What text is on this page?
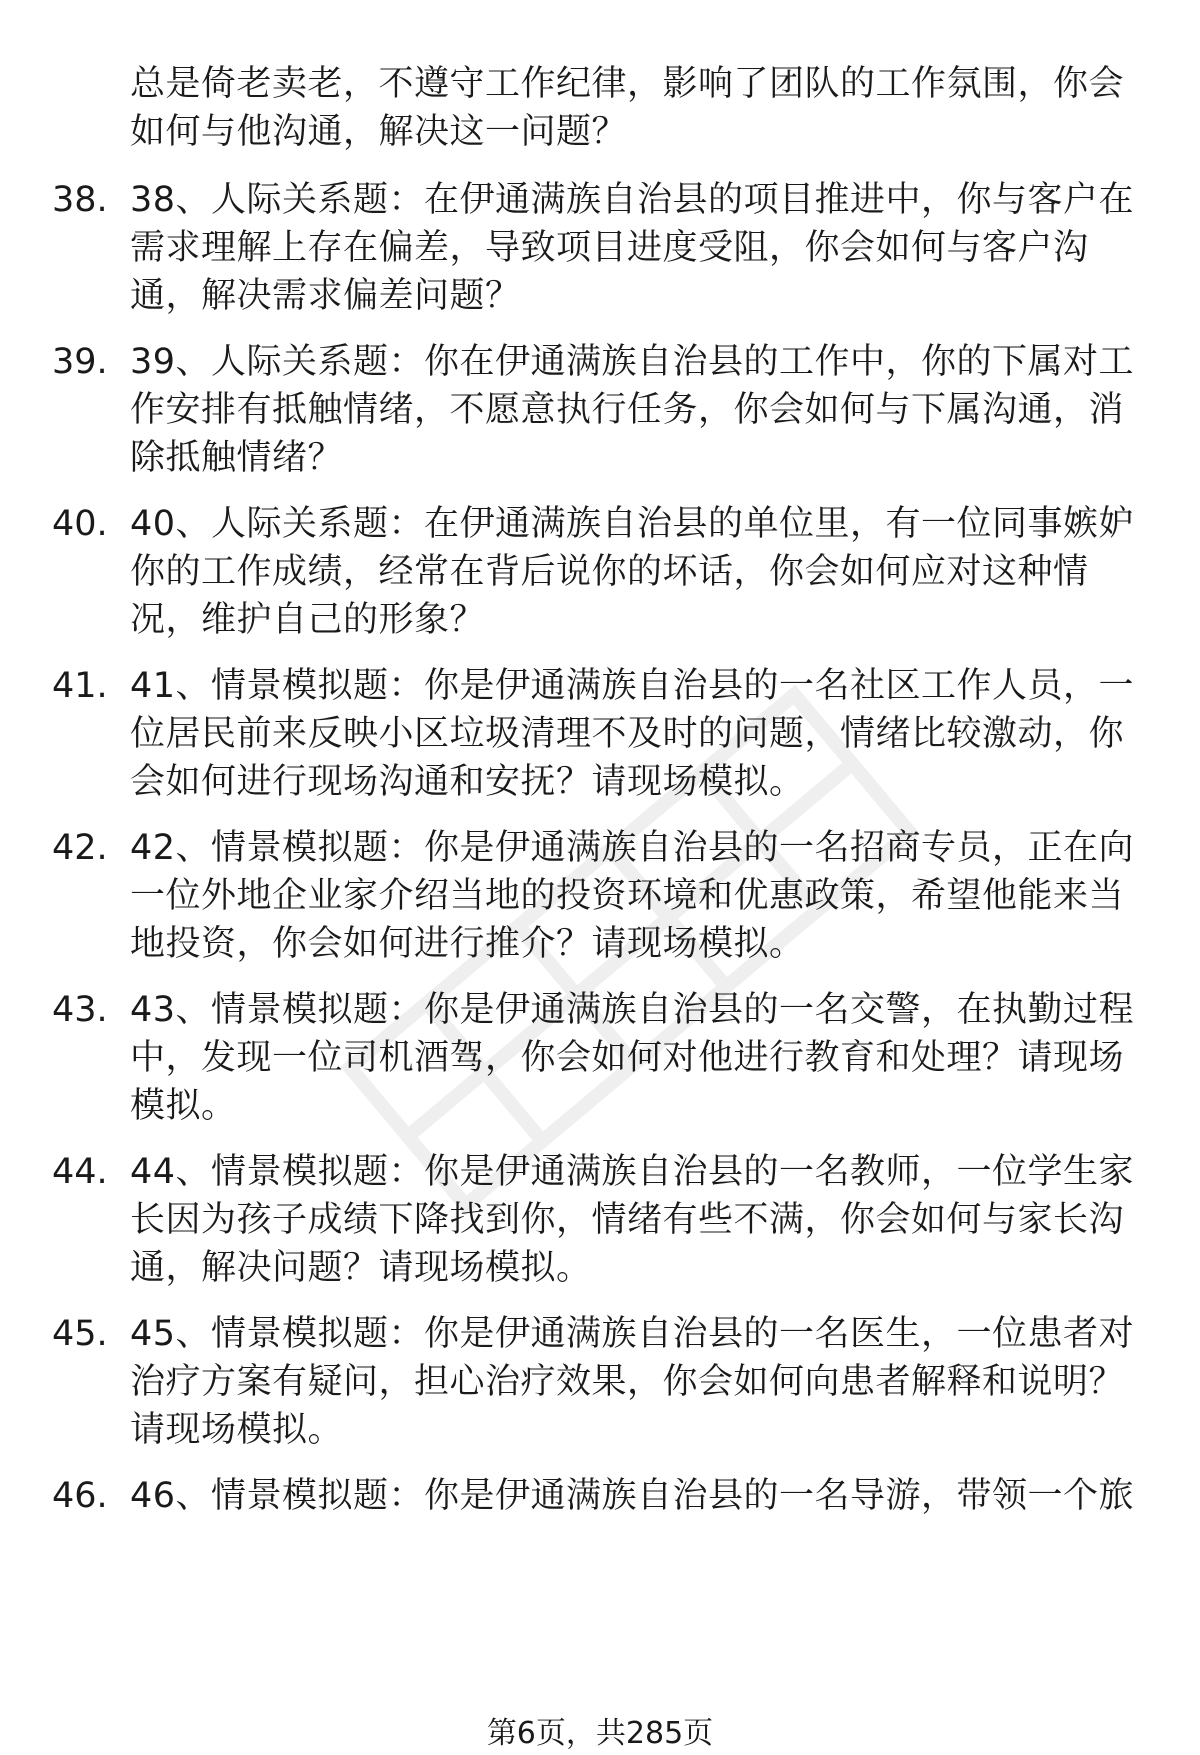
总是倚老卖老，不遵守工作纪律，影响了团队的工作氛围，你会如何与他沟通，解决这一问题？
38. 38、人际关系题：在伊通满族自治县的项目推进中，你与客户在需求理解上存在偏差，导致项目进度受阻，你会如何与客户沟通，解决需求偏差问题？
39. 39、人际关系题：你在伊通满族自治县的工作中，你的下属对工作安排有抵触情绪，不愿意执行任务，你会如何与下属沟通，消除抵触情绪？
40. 40、人际关系题：在伊通满族自治县的单位里，有一位同事嫉妒你的工作成绩，经常在背后说你的坏话，你会如何应对这种情况，维护自己的形象？
41. 41、情景模拟题：你是伊通满族自治县的一名社区工作人员，一位居民前来反映小区垃圾清理不及时的问题，情绪比较激动，你会如何进行现场沟通和安抚？请现场模拟。
42. 42、情景模拟题：你是伊通满族自治县的一名招商专员，正在向一位外地企业家介绍当地的投资环境和优惠政策，希望他能来当地投资，你会如何进行推介？请现场模拟。
43. 43、情景模拟题：你是伊通满族自治县的一名交警，在执勤过程中，发现一位司机酒驾，你会如何对他进行教育和处理？请现场模拟。
44. 44、情景模拟题：你是伊通满族自治县的一名教师，一位学生家长因为孩子成绩下降找到你，情绪有些不满，你会如何与家长沟通，解决问题？请现场模拟。
45. 45、情景模拟题：你是伊通满族自治县的一名医生，一位患者对治疗方案有疑问，担心治疗效果，你会如何向患者解释和说明？请现场模拟。
46. 46、情景模拟题：你是伊通满族自治县的一名导游，带领一个旅
第6页，共285页
